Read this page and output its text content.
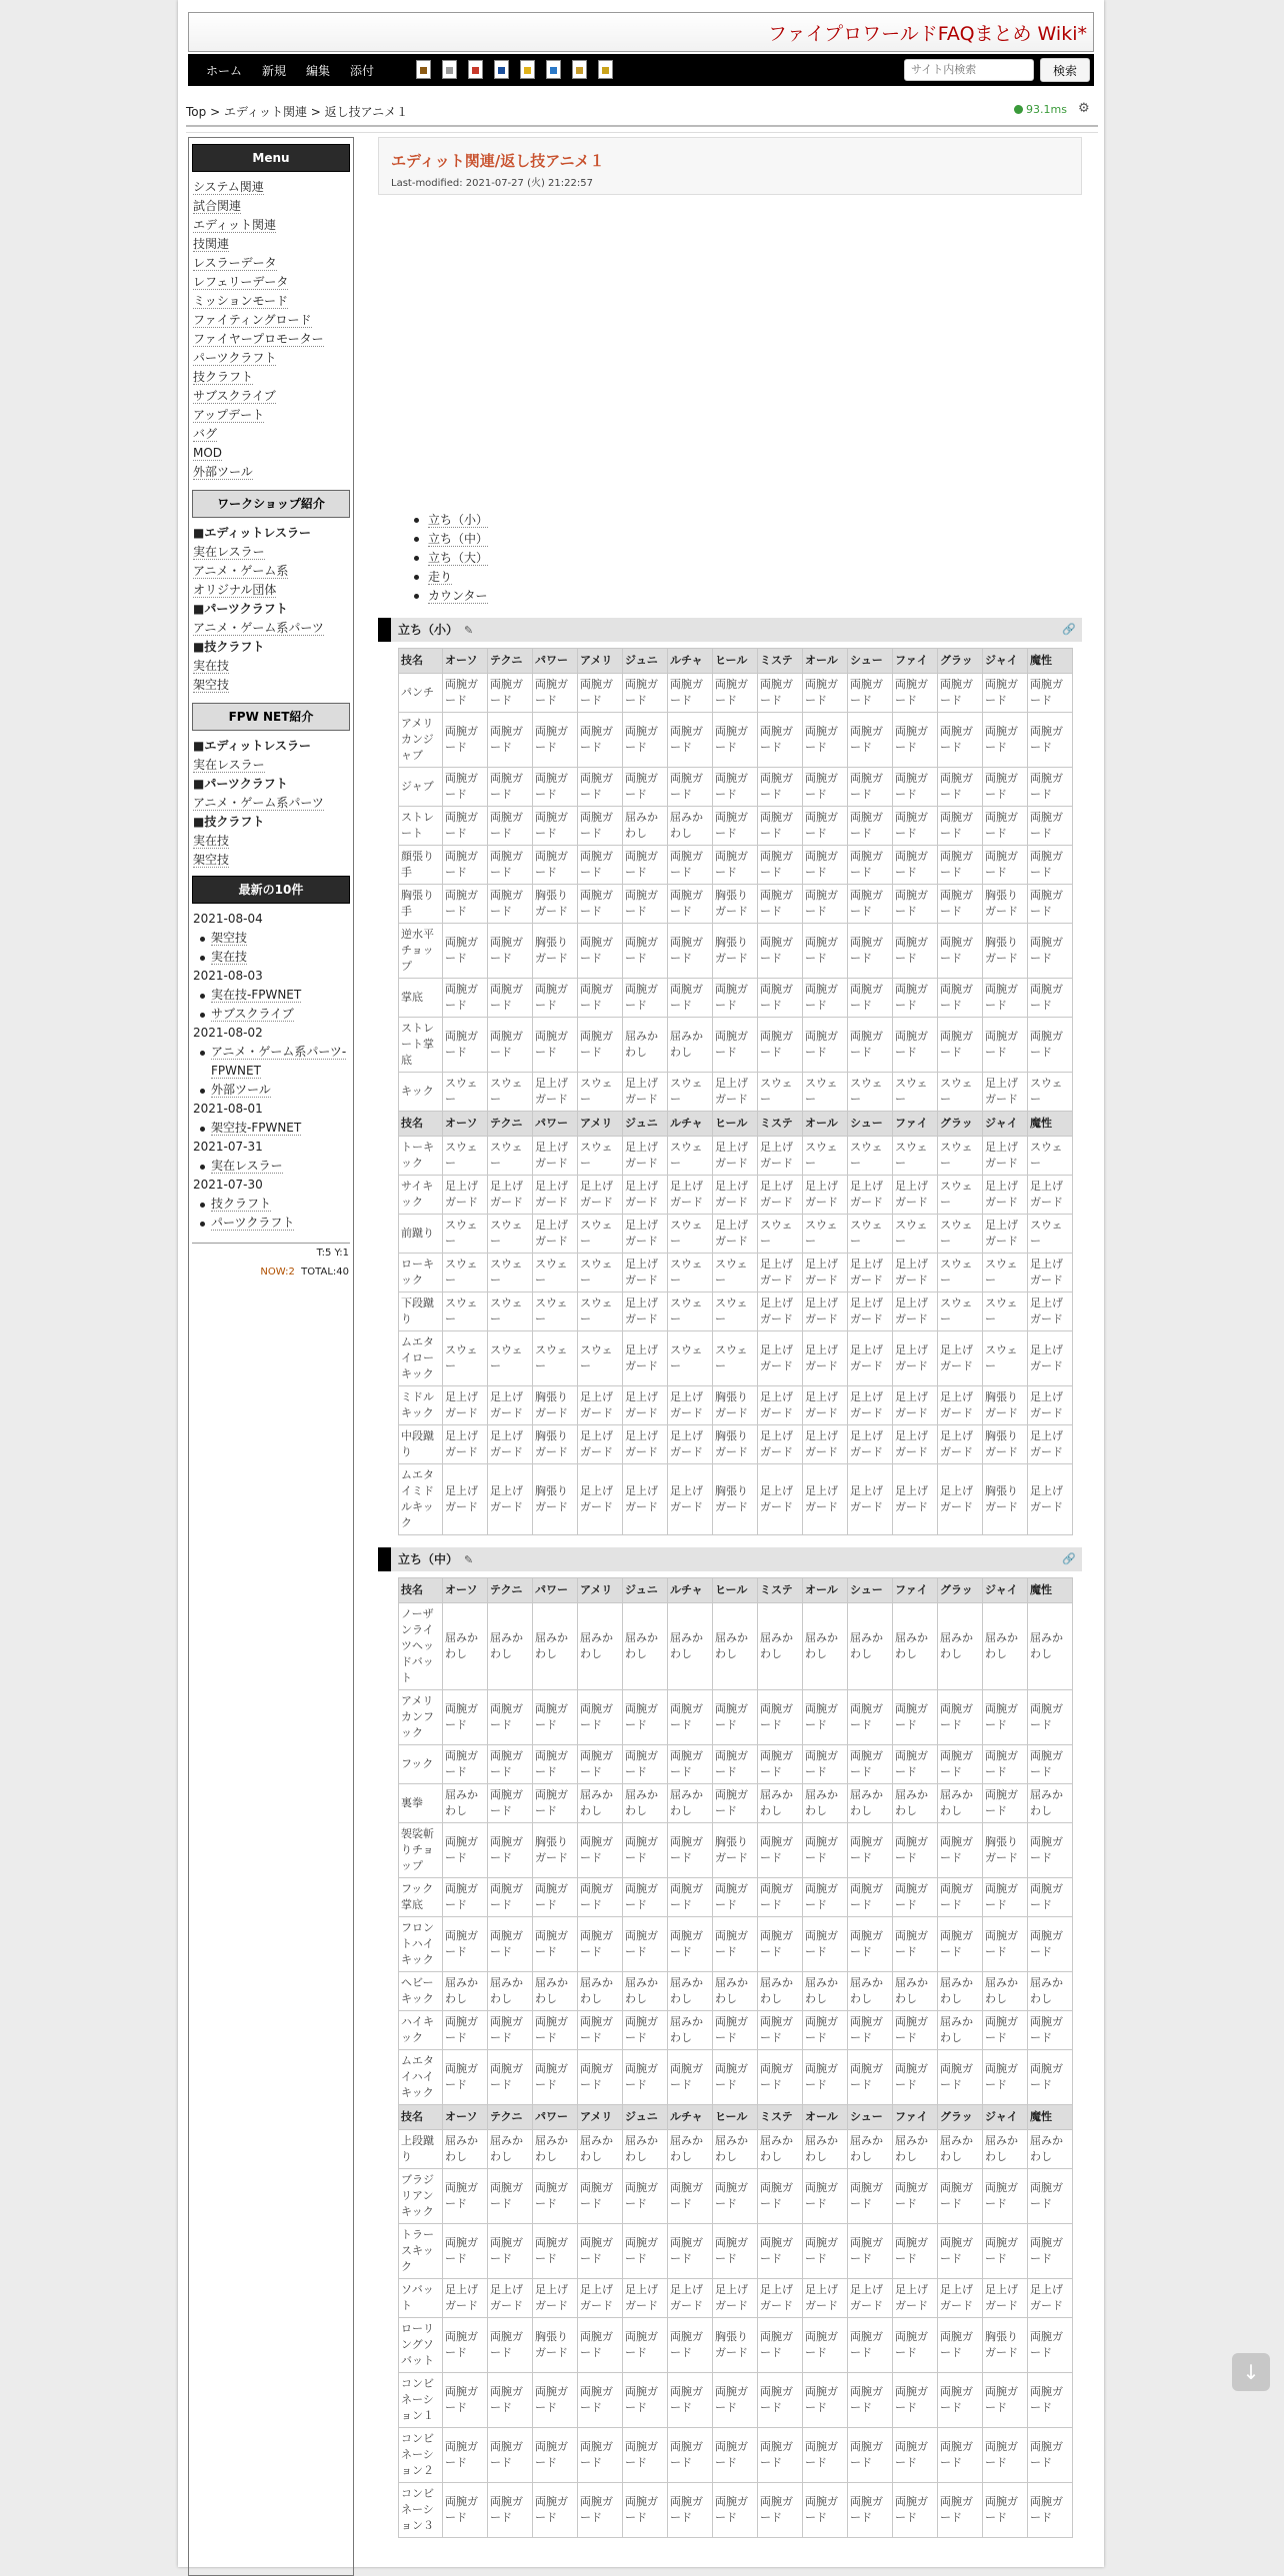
ファイプロワールドFAQまとめ Wiki*
ホーム 新規 編集 添付
サイト内検索	検索
Top > エディット関連 > 返し技アニメ１	93.1ms ⚙
Menu
システム関連
試合関連
エディット関連
技関連
レスラーデータ
レフェリーデータ
ミッションモード
ファイティングロード
ファイヤープロモーター
パーツクラフト
技クラフト
サブスクライブ
アップデート
バグ
MOD
外部ツール
ワークショップ紹介
■エディットレスラー
実在レスラー
アニメ・ゲーム系
オリジナル団体
■パーツクラフト
アニメ・ゲーム系パーツ
■技クラフト
実在技
架空技
FPW NET紹介
■エディットレスラー
実在レスラー
■パーツクラフト
アニメ・ゲーム系パーツ
■技クラフト
実在技
架空技
最新の10件
2021-08-04
架空技
実在技
2021-08-03
実在技-FPWNET
サブスクライブ
2021-08-02
アニメ・ゲーム系パーツ-FPWNET
外部ツール
2021-08-01
架空技-FPWNET
2021-07-31
実在レスラー
2021-07-30
技クラフト
パーツクラフト
T:5 Y:1
NOW:2 TOTAL:40
エディット関連/返し技アニメ１
Last-modified: 2021-07-27 (火) 21:22:57
立ち（小）
立ち（中）
立ち（大）
走り
カウンター
立ち（小） ✎	🔗
技名	オーソ	テクニ	パワー	アメリ	ジュニ	ルチャ	ヒール	ミステ	オール	シュー	ファイ	グラッ	ジャイ	魔性
パンチ	両腕ガード	両腕ガード	両腕ガード	両腕ガード	両腕ガード	両腕ガード	両腕ガード	両腕ガード	両腕ガード	両腕ガード	両腕ガード	両腕ガード	両腕ガード	両腕ガード
アメリカンジャブ	両腕ガード	両腕ガード	両腕ガード	両腕ガード	両腕ガード	両腕ガード	両腕ガード	両腕ガード	両腕ガード	両腕ガード	両腕ガード	両腕ガード	両腕ガード	両腕ガード
ジャブ	両腕ガード	両腕ガード	両腕ガード	両腕ガード	両腕ガード	両腕ガード	両腕ガード	両腕ガード	両腕ガード	両腕ガード	両腕ガード	両腕ガード	両腕ガード	両腕ガード
ストレート	両腕ガード	両腕ガード	両腕ガード	両腕ガード	屈みかわし	屈みかわし	両腕ガード	両腕ガード	両腕ガード	両腕ガード	両腕ガード	両腕ガード	両腕ガード	両腕ガード
顔張り手	両腕ガード	両腕ガード	両腕ガード	両腕ガード	両腕ガード	両腕ガード	両腕ガード	両腕ガード	両腕ガード	両腕ガード	両腕ガード	両腕ガード	両腕ガード	両腕ガード
胸張り手	両腕ガード	両腕ガード	胸張りガード	両腕ガード	両腕ガード	両腕ガード	胸張りガード	両腕ガード	両腕ガード	両腕ガード	両腕ガード	両腕ガード	胸張りガード	両腕ガード
逆水平チョップ	両腕ガード	両腕ガード	胸張りガード	両腕ガード	両腕ガード	両腕ガード	胸張りガード	両腕ガード	両腕ガード	両腕ガード	両腕ガード	両腕ガード	胸張りガード	両腕ガード
掌底	両腕ガード	両腕ガード	両腕ガード	両腕ガード	両腕ガード	両腕ガード	両腕ガード	両腕ガード	両腕ガード	両腕ガード	両腕ガード	両腕ガード	両腕ガード	両腕ガード
ストレート掌底	両腕ガード	両腕ガード	両腕ガード	両腕ガード	屈みかわし	屈みかわし	両腕ガード	両腕ガード	両腕ガード	両腕ガード	両腕ガード	両腕ガード	両腕ガード	両腕ガード
キック	スウェー	スウェー	足上げガード	スウェー	足上げガード	スウェー	足上げガード	スウェー	スウェー	スウェー	スウェー	スウェー	足上げガード	スウェー
技名	オーソ	テクニ	パワー	アメリ	ジュニ	ルチャ	ヒール	ミステ	オール	シュー	ファイ	グラッ	ジャイ	魔性
トーキック	スウェー	スウェー	足上げガード	スウェー	足上げガード	スウェー	足上げガード	足上げガード	スウェー	スウェー	スウェー	スウェー	足上げガード	スウェー
サイキック	足上げガード	足上げガード	足上げガード	足上げガード	足上げガード	足上げガード	足上げガード	足上げガード	足上げガード	足上げガード	足上げガード	スウェー	足上げガード	足上げガード
前蹴り	スウェー	スウェー	足上げガード	スウェー	足上げガード	スウェー	足上げガード	スウェー	スウェー	スウェー	スウェー	スウェー	足上げガード	スウェー
ローキック	スウェー	スウェー	スウェー	スウェー	足上げガード	スウェー	スウェー	足上げガード	足上げガード	足上げガード	足上げガード	スウェー	スウェー	足上げガード
下段蹴り	スウェー	スウェー	スウェー	スウェー	足上げガード	スウェー	スウェー	足上げガード	足上げガード	足上げガード	足上げガード	スウェー	スウェー	足上げガード
ムエタイローキック	スウェー	スウェー	スウェー	スウェー	足上げガード	スウェー	スウェー	足上げガード	足上げガード	足上げガード	足上げガード	足上げガード	スウェー	足上げガード
ミドルキック	足上げガード	足上げガード	胸張りガード	足上げガード	足上げガード	足上げガード	胸張りガード	足上げガード	足上げガード	足上げガード	足上げガード	足上げガード	胸張りガード	足上げガード
中段蹴り	足上げガード	足上げガード	胸張りガード	足上げガード	足上げガード	足上げガード	胸張りガード	足上げガード	足上げガード	足上げガード	足上げガード	足上げガード	胸張りガード	足上げガード
ムエタイミドルキック	足上げガード	足上げガード	胸張りガード	足上げガード	足上げガード	足上げガード	胸張りガード	足上げガード	足上げガード	足上げガード	足上げガード	足上げガード	胸張りガード	足上げガード
立ち（中） ✎	🔗
技名	オーソ	テクニ	パワー	アメリ	ジュニ	ルチャ	ヒール	ミステ	オール	シュー	ファイ	グラッ	ジャイ	魔性
ノーザンライツヘッドバット	屈みかわし	屈みかわし	屈みかわし	屈みかわし	屈みかわし	屈みかわし	屈みかわし	屈みかわし	屈みかわし	屈みかわし	屈みかわし	屈みかわし	屈みかわし	屈みかわし
アメリカンフック	両腕ガード	両腕ガード	両腕ガード	両腕ガード	両腕ガード	両腕ガード	両腕ガード	両腕ガード	両腕ガード	両腕ガード	両腕ガード	両腕ガード	両腕ガード	両腕ガード
フック	両腕ガード	両腕ガード	両腕ガード	両腕ガード	両腕ガード	両腕ガード	両腕ガード	両腕ガード	両腕ガード	両腕ガード	両腕ガード	両腕ガード	両腕ガード	両腕ガード
裏拳	屈みかわし	両腕ガード	両腕ガード	屈みかわし	屈みかわし	屈みかわし	両腕ガード	屈みかわし	屈みかわし	屈みかわし	屈みかわし	屈みかわし	両腕ガード	屈みかわし
袈裟斬りチョップ	両腕ガード	両腕ガード	胸張りガード	両腕ガード	両腕ガード	両腕ガード	胸張りガード	両腕ガード	両腕ガード	両腕ガード	両腕ガード	両腕ガード	胸張りガード	両腕ガード
フック掌底	両腕ガード	両腕ガード	両腕ガード	両腕ガード	両腕ガード	両腕ガード	両腕ガード	両腕ガード	両腕ガード	両腕ガード	両腕ガード	両腕ガード	両腕ガード	両腕ガード
フロントハイキック	両腕ガード	両腕ガード	両腕ガード	両腕ガード	両腕ガード	両腕ガード	両腕ガード	両腕ガード	両腕ガード	両腕ガード	両腕ガード	両腕ガード	両腕ガード	両腕ガード
ヘビーキック	屈みかわし	屈みかわし	屈みかわし	屈みかわし	屈みかわし	屈みかわし	屈みかわし	屈みかわし	屈みかわし	屈みかわし	屈みかわし	屈みかわし	屈みかわし	屈みかわし
ハイキック	両腕ガード	両腕ガード	両腕ガード	両腕ガード	両腕ガード	屈みかわし	両腕ガード	両腕ガード	両腕ガード	両腕ガード	両腕ガード	屈みかわし	両腕ガード	両腕ガード
ムエタイハイキック	両腕ガード	両腕ガード	両腕ガード	両腕ガード	両腕ガード	両腕ガード	両腕ガード	両腕ガード	両腕ガード	両腕ガード	両腕ガード	両腕ガード	両腕ガード	両腕ガード
技名	オーソ	テクニ	パワー	アメリ	ジュニ	ルチャ	ヒール	ミステ	オール	シュー	ファイ	グラッ	ジャイ	魔性
上段蹴り	屈みかわし	屈みかわし	屈みかわし	屈みかわし	屈みかわし	屈みかわし	屈みかわし	屈みかわし	屈みかわし	屈みかわし	屈みかわし	屈みかわし	屈みかわし	屈みかわし
ブラジリアンキック	両腕ガード	両腕ガード	両腕ガード	両腕ガード	両腕ガード	両腕ガード	両腕ガード	両腕ガード	両腕ガード	両腕ガード	両腕ガード	両腕ガード	両腕ガード	両腕ガード
トラースキック	両腕ガード	両腕ガード	両腕ガード	両腕ガード	両腕ガード	両腕ガード	両腕ガード	両腕ガード	両腕ガード	両腕ガード	両腕ガード	両腕ガード	両腕ガード	両腕ガード
ソバット	足上げガード	足上げガード	足上げガード	足上げガード	足上げガード	足上げガード	足上げガード	足上げガード	足上げガード	足上げガード	足上げガード	足上げガード	足上げガード	足上げガード
ローリングソバット	両腕ガード	両腕ガード	胸張りガード	両腕ガード	両腕ガード	両腕ガード	胸張りガード	両腕ガード	両腕ガード	両腕ガード	両腕ガード	両腕ガード	胸張りガード	両腕ガード
コンビネーション１	両腕ガード	両腕ガード	両腕ガード	両腕ガード	両腕ガード	両腕ガード	両腕ガード	両腕ガード	両腕ガード	両腕ガード	両腕ガード	両腕ガード	両腕ガード	両腕ガード
コンビネーション２	両腕ガード	両腕ガード	両腕ガード	両腕ガード	両腕ガード	両腕ガード	両腕ガード	両腕ガード	両腕ガード	両腕ガード	両腕ガード	両腕ガード	両腕ガード	両腕ガード
コンビネーション３	両腕ガード	両腕ガード	両腕ガード	両腕ガード	両腕ガード	両腕ガード	両腕ガード	両腕ガード	両腕ガード	両腕ガード	両腕ガード	両腕ガード	両腕ガード	両腕ガード
↓
